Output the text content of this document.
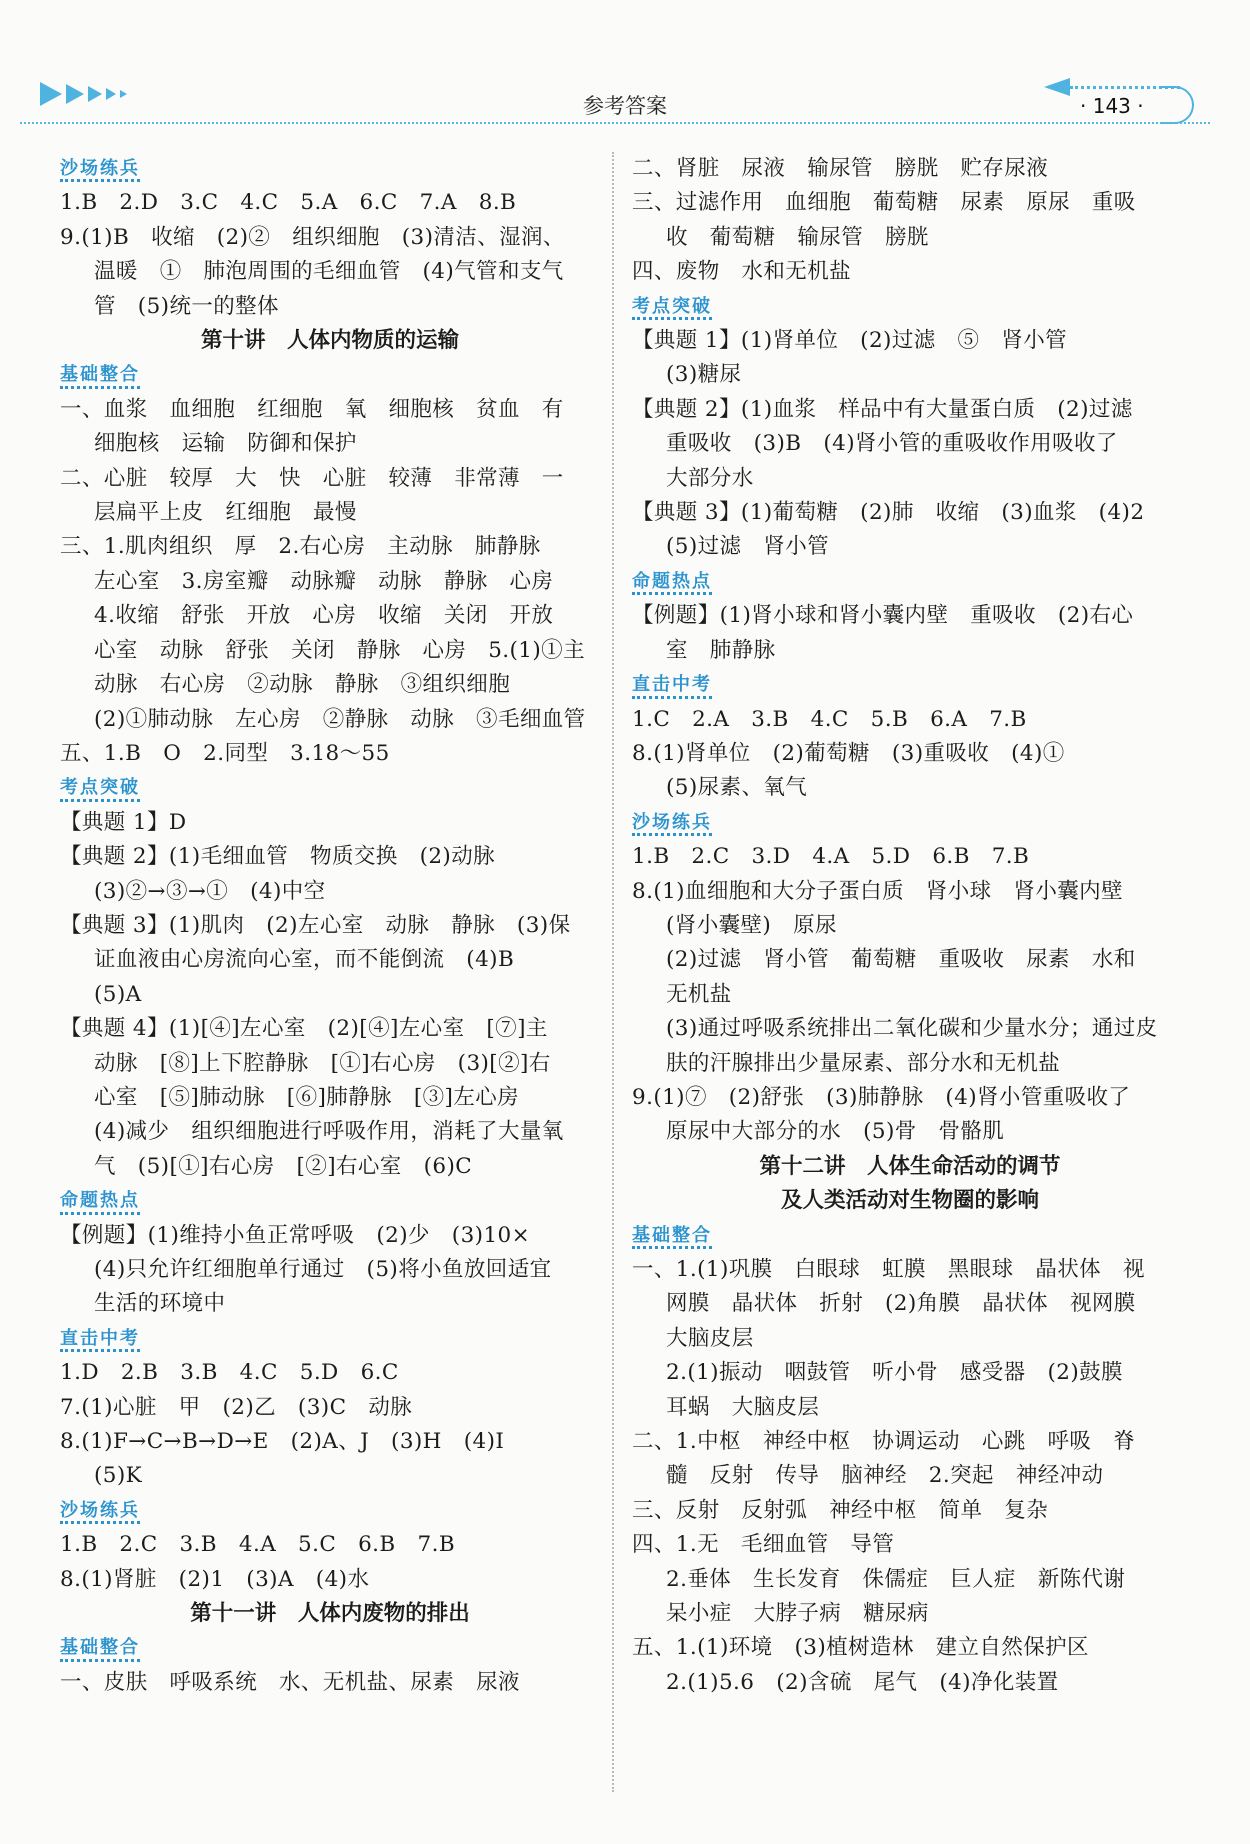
参考答案	· 143 ·
沙场练兵
1.B　2.D　3.C　4.C　5.A　6.C　7.A　8.B
9.(1)B　收缩　(2)②　组织细胞　(3)清洁、湿润、
温暖　①　肺泡周围的毛细血管　(4)气管和支气
管　(5)统一的整体
第十讲　人体内物质的运输
基础整合
一、血浆　血细胞　红细胞　氧　细胞核　贫血　有
细胞核　运输　防御和保护
二、心脏　较厚　大　快　心脏　较薄　非常薄　一
层扁平上皮　红细胞　最慢
三、1.肌肉组织　厚　2.右心房　主动脉　肺静脉
左心室　3.房室瓣　动脉瓣　动脉　静脉　心房
4.收缩　舒张　开放　心房　收缩　关闭　开放
心室　动脉　舒张　关闭　静脉　心房　5.(1)①主
动脉　右心房　②动脉　静脉　③组织细胞
(2)①肺动脉　左心房　②静脉　动脉　③毛细血管
五、1.B　O　2.同型　3.18～55
考点突破
【典题 1】D
【典题 2】(1)毛细血管　物质交换　(2)动脉
(3)②→③→①　(4)中空
【典题 3】(1)肌肉　(2)左心室　动脉　静脉　(3)保
证血液由心房流向心室，而不能倒流　(4)B
(5)A
【典题 4】(1)[④]左心室　(2)[④]左心室　[⑦]主
动脉　[⑧]上下腔静脉　[①]右心房　(3)[②]右
心室　[⑤]肺动脉　[⑥]肺静脉　[③]左心房
(4)减少　组织细胞进行呼吸作用，消耗了大量氧
气　(5)[①]右心房　[②]右心室　(6)C
命题热点
【例题】(1)维持小鱼正常呼吸　(2)少　(3)10×
(4)只允许红细胞单行通过　(5)将小鱼放回适宜
生活的环境中
直击中考
1.D　2.B　3.B　4.C　5.D　6.C
7.(1)心脏　甲　(2)乙　(3)C　动脉
8.(1)F→C→B→D→E　(2)A、J　(3)H　(4)I
(5)K
沙场练兵
1.B　2.C　3.B　4.A　5.C　6.B　7.B
8.(1)肾脏　(2)1　(3)A　(4)水
第十一讲　人体内废物的排出
基础整合
一、皮肤　呼吸系统　水、无机盐、尿素　尿液
二、肾脏　尿液　输尿管　膀胱　贮存尿液
三、过滤作用　血细胞　葡萄糖　尿素　原尿　重吸
收　葡萄糖　输尿管　膀胱
四、废物　水和无机盐
考点突破
【典题 1】(1)肾单位　(2)过滤　⑤　肾小管
(3)糖尿
【典题 2】(1)血浆　样品中有大量蛋白质　(2)过滤
重吸收　(3)B　(4)肾小管的重吸收作用吸收了
大部分水
【典题 3】(1)葡萄糖　(2)肺　收缩　(3)血浆　(4)2
(5)过滤　肾小管
命题热点
【例题】(1)肾小球和肾小囊内壁　重吸收　(2)右心
室　肺静脉
直击中考
1.C　2.A　3.B　4.C　5.B　6.A　7.B
8.(1)肾单位　(2)葡萄糖　(3)重吸收　(4)①
(5)尿素、氧气
沙场练兵
1.B　2.C　3.D　4.A　5.D　6.B　7.B
8.(1)血细胞和大分子蛋白质　肾小球　肾小囊内壁
(肾小囊壁)　原尿
(2)过滤　肾小管　葡萄糖　重吸收　尿素　水和
无机盐
(3)通过呼吸系统排出二氧化碳和少量水分；通过皮
肤的汗腺排出少量尿素、部分水和无机盐
9.(1)⑦　(2)舒张　(3)肺静脉　(4)肾小管重吸收了
原尿中大部分的水　(5)骨　骨骼肌
第十二讲　人体生命活动的调节
及人类活动对生物圈的影响
基础整合
一、1.(1)巩膜　白眼球　虹膜　黑眼球　晶状体　视
网膜　晶状体　折射　(2)角膜　晶状体　视网膜
大脑皮层
2.(1)振动　咽鼓管　听小骨　感受器　(2)鼓膜
耳蜗　大脑皮层
二、1.中枢　神经中枢　协调运动　心跳　呼吸　脊
髓　反射　传导　脑神经　2.突起　神经冲动
三、反射　反射弧　神经中枢　简单　复杂
四、1.无　毛细血管　导管
2.垂体　生长发育　侏儒症　巨人症　新陈代谢
呆小症　大脖子病　糖尿病
五、1.(1)环境　(3)植树造林　建立自然保护区
2.(1)5.6　(2)含硫　尾气　(4)净化装置
